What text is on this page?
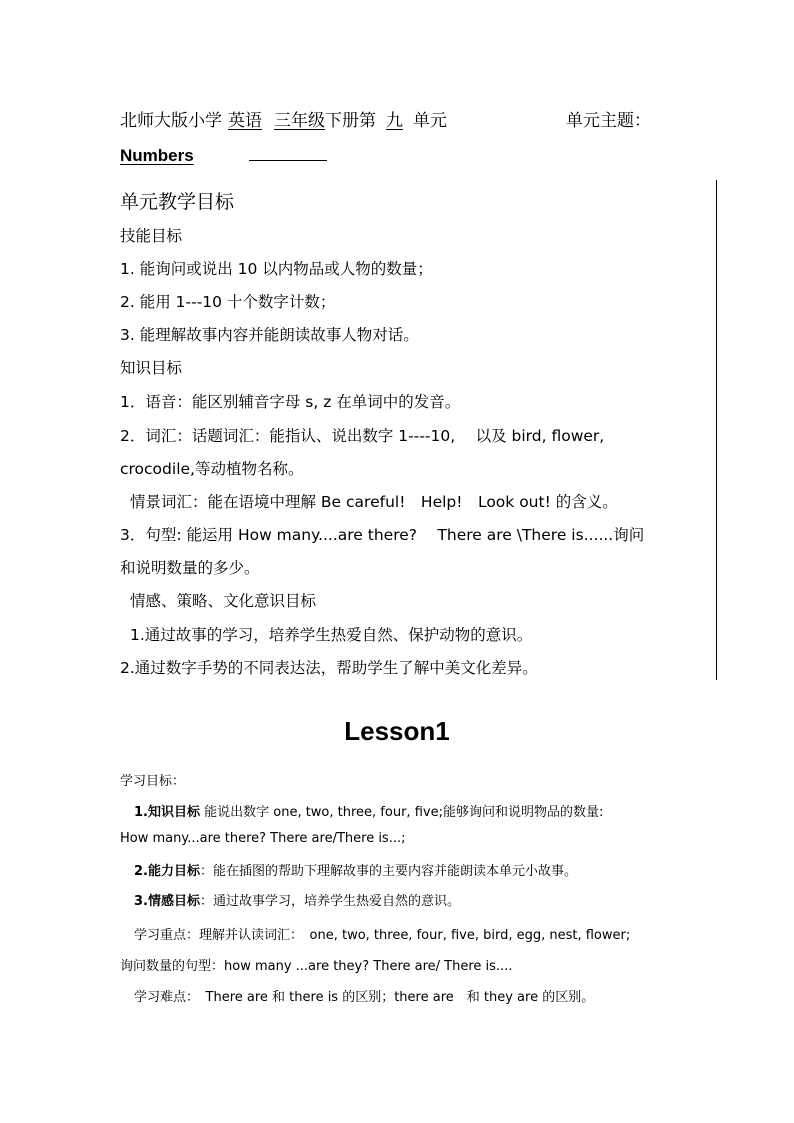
北师大版小学 英语 三年级下册第 九 单元	单元主题：
Numbers
单元教学目标
技能目标
1. 能询问或说出 10 以内物品或人物的数量；
2. 能用 1---10 十个数字计数；
3. 能理解故事内容并能朗读故事人物对话。
知识目标
1．语音：能区别辅音字母 s, z 在单词中的发音。
2．词汇：话题词汇：能指认、说出数字 1----10,　 以及 bird, flower,
crocodile,等动植物名称。
情景词汇：能在语境中理解 Be careful!　Help!　Look out! 的含义。
3．句型: 能运用 How many....are there?　 There are \There is......询问
和说明数量的多少。
情感、策略、文化意识目标
1.通过故事的学习，培养学生热爱自然、保护动物的意识。
2.通过数字手势的不同表达法，帮助学生了解中美文化差异。
Lesson1
学习目标：
1.知识目标 能说出数字 one, two, three, four, five;能够询问和说明物品的数量:
How many...are there? There are/There is...;
2.能力目标：能在插图的帮助下理解故事的主要内容并能朗读本单元小故事。
3.情感目标：通过故事学习，培养学生热爱自然的意识。
学习重点：理解并认读词汇：　one, two, three, four, five, bird, egg, nest, flower;
询问数量的句型：how many ...are they? There are/ There is....
学习难点：　There are 和 there is 的区别；there are　和 they are 的区别。
